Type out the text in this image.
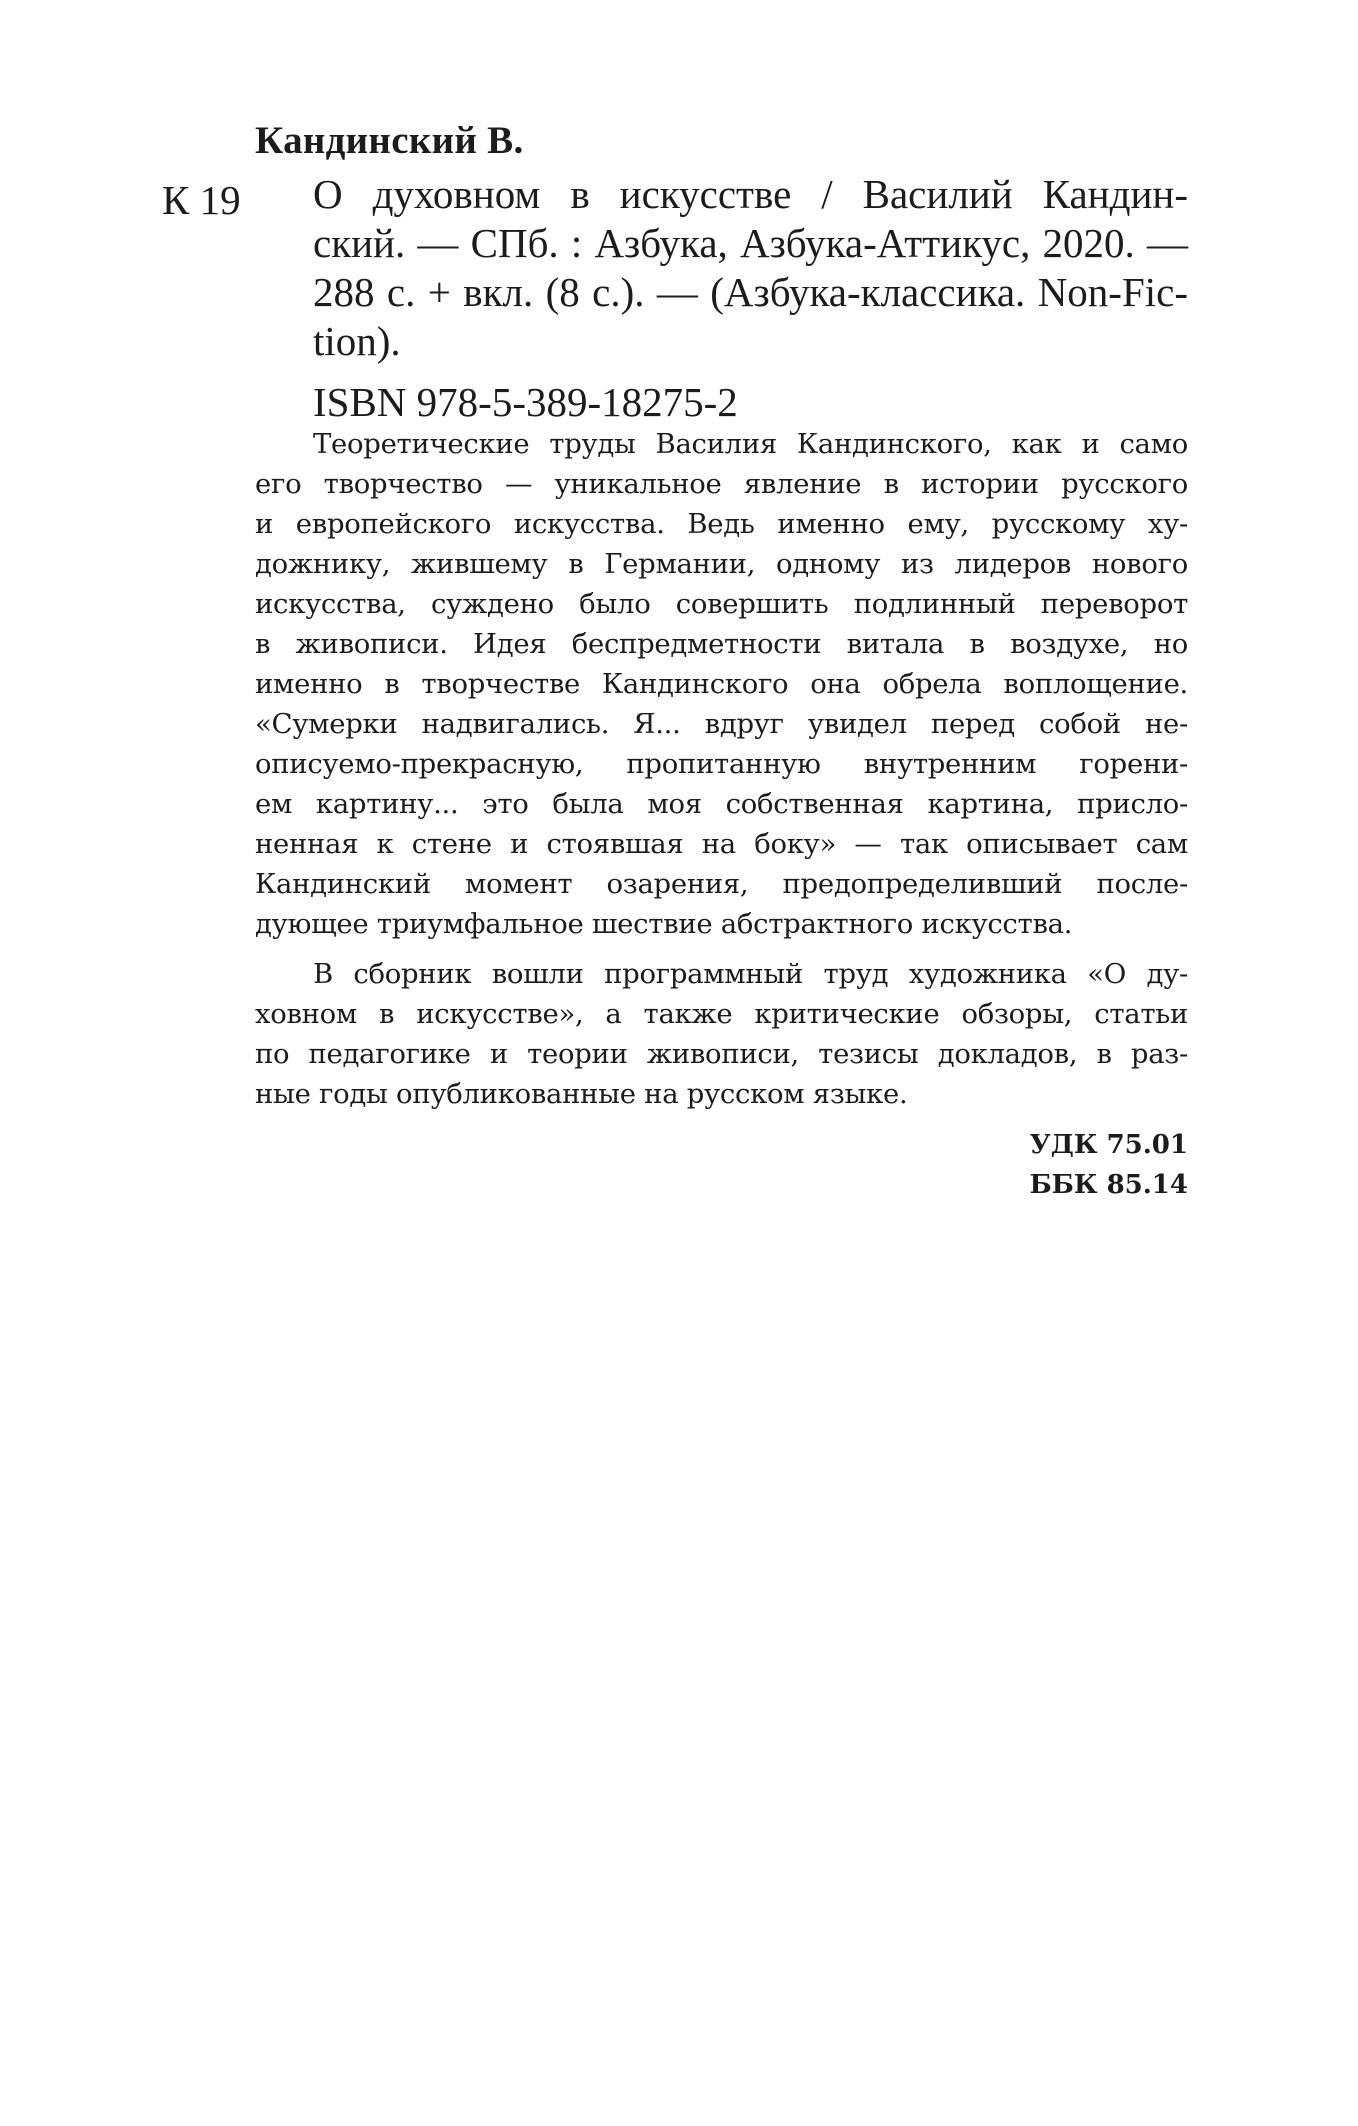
Кандинский В.
К 19 О духовном в искусстве / Василий Кандин-
ский. — СПб. : Азбука, Азбука-Аттикус, 2020. —
288 с. + вкл. (8 с.). — (Азбука-классика. Non-Fic-
tion).
ISBN 978-5-389-18275-2
Теоретические труды Василия Кандинского, как и само
его творчество — уникальное явление в истории русского
и европейского искусства. Ведь именно ему, русскому ху-
дожнику, жившему в Германии, одному из лидеров нового
искусства, суждено было совершить подлинный переворот
в живописи. Идея беспредметности витала в воздухе, но
именно в творчестве Кандинского она обрела воплощение.
«Сумерки надвигались. Я... вдруг увидел перед собой не-
описуемо-прекрасную, пропитанную внутренним горени-
ем картину... это была моя собственная картина, присло-
ненная к стене и стоявшая на боку» — так описывает сам
Кандинский момент озарения, предопределивший после-
дующее триумфальное шествие абстрактного искусства.
В сборник вошли программный труд художника «О ду-
ховном в искусстве», а также критические обзоры, статьи
по педагогике и теории живописи, тезисы докладов, в раз-
ные годы опубликованные на русском языке.
УДК 75.01
ББК 85.14
